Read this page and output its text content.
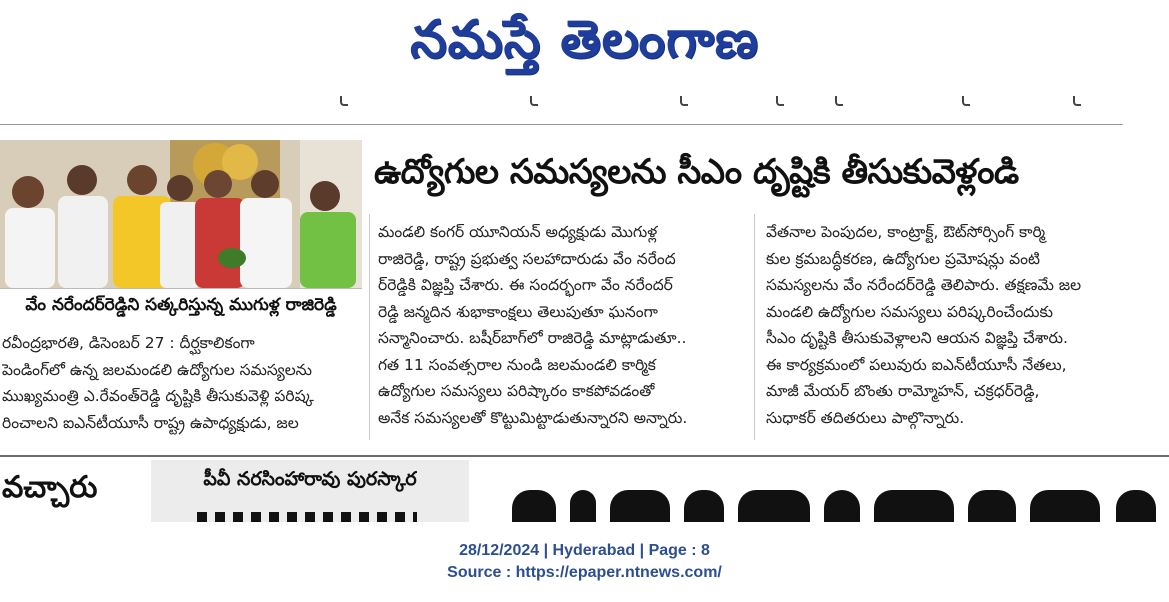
నమస్తే తెలంగాణ
వేం నరేందర్‌రెడ్డిని సత్కరిస్తున్న ముగుళ్ల రాజిరెడ్డి
ఉద్యోగుల సమస్యలను సీఎం దృష్టికి తీసుకువెళ్లండి
రవీంద్రభారతి, డిసెంబర్ 27 : దీర్ఘకాలికంగా
పెండింగ్‌లో ఉన్న జలమండలి ఉద్యోగుల సమస్యలను
ముఖ్యమంత్రి ఎ.రేవంత్‌రెడ్డి దృష్టికి తీసుకువెళ్లి పరిష్క
రించాలని ఐఎన్‌టీయూసీ రాష్ట్ర ఉపాధ్యక్షుడు, జల
మండలి కంగర్ యూనియన్ అధ్యక్షుడు మొగుళ్ల
రాజిరెడ్డి, రాష్ట్ర ప్రభుత్వ సలహాదారుడు వేం నరేంద
ర్‌రెడ్డికి విజ్ఞప్తి చేశారు. ఈ సందర్భంగా వేం నరేందర్
రెడ్డి జన్మదిన శుభాకాంక్షలు తెలుపుతూ ఘనంగా
సన్మానించారు. బషీర్‌బాగ్‌లో రాజిరెడ్డి మాట్లాడుతూ..
గత 11 సంవత్సరాల నుండి జలమండలి కార్మిక
ఉద్యోగుల సమస్యలు పరిష్కారం కాకపోవడంతో
అనేక సమస్యలతో కొట్టుమిట్టాడుతున్నారని అన్నారు.
వేతనాల పెంపుదల, కాంట్రాక్ట్, ఔట్‌సోర్సింగ్ కార్మి
కుల క్రమబద్ధీకరణ, ఉద్యోగుల ప్రమోషన్లు వంటి
సమస్యలను వేం నరేందర్‌రెడ్డి తెలిపారు. తక్షణమే జల
మండలి ఉద్యోగుల సమస్యలు పరిష్కరించేందుకు
సీఎం దృష్టికి తీసుకువెళ్లాలని ఆయన విజ్ఞప్తి చేశారు.
ఈ కార్యక్రమంలో పలువురు ఐఎన్‌టీయూసీ నేతలు,
మాజీ మేయర్ బొంతు రామ్మోహన్, చక్రధర్‌రెడ్డి,
సుధాకర్ తదితరులు పాల్గొన్నారు.
వచ్చారు	పీవీ నరసింహారావు పురస్కార
28/12/2024 | Hyderabad | Page : 8
Source : https://epaper.ntnews.com/
